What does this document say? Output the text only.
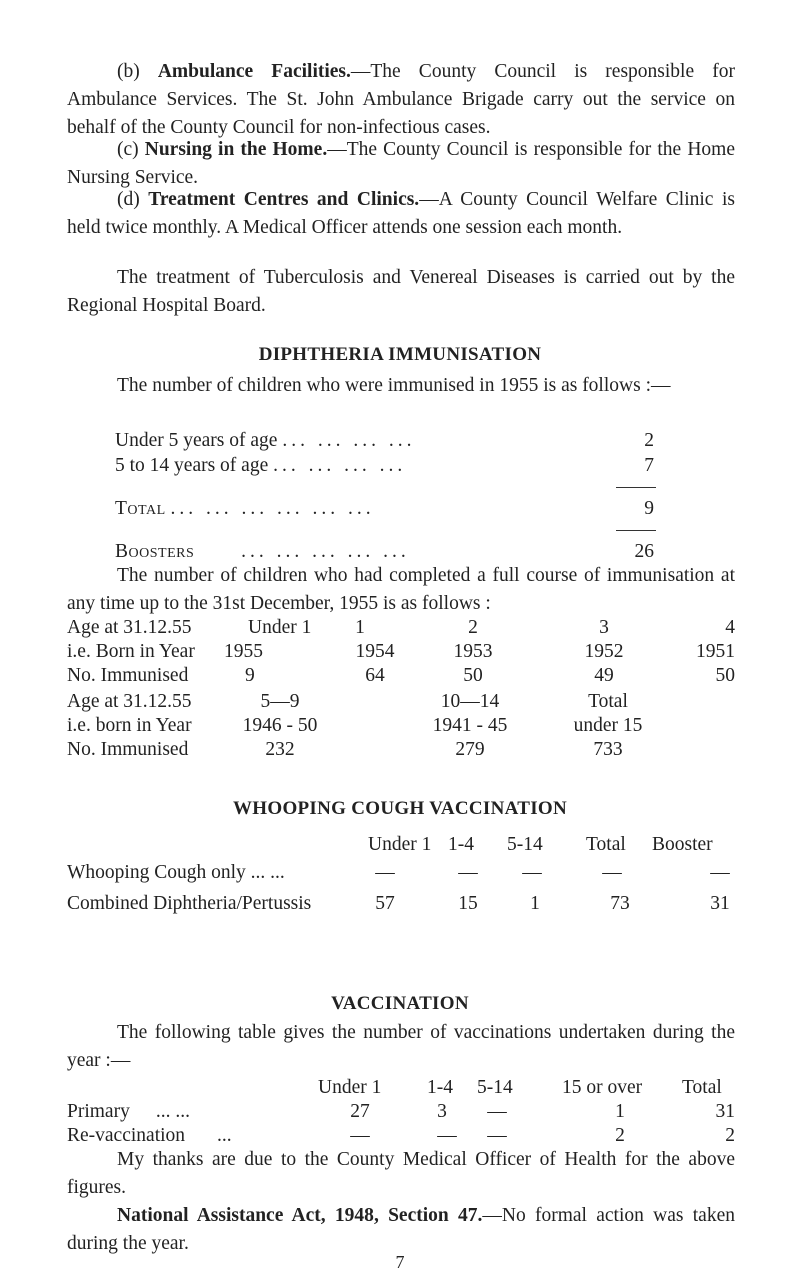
(b) Ambulance Facilities.—The County Council is responsible for Ambulance Services. The St. John Ambulance Brigade carry out the service on behalf of the County Council for non-infectious cases.
(c) Nursing in the Home.—The County Council is responsible for the Home Nursing Service.
(d) Treatment Centres and Clinics.—A County Council Welfare Clinic is held twice monthly. A Medical Officer attends one session each month.
The treatment of Tuberculosis and Venereal Diseases is carried out by the Regional Hospital Board.
DIPHTHERIA IMMUNISATION
The number of children who were immunised in 1955 is as follows :—
Under 5 years of age ... ... ... ...	2
5 to 14 years of age ... ... ... ...	7
Total ... ... ... ... ... ...	9
Boosters ... ... ... ... ...	26
The number of children who had completed a full course of immunisation at any time up to the 31st December, 1955 is as follows :
Age at 31.12.55	Under 1	1	2	3	4
i.e. Born in Year 1955	1954	1953	1952	1951
No. Immunised	9	64	50	49	50
Age at 31.12.55	5—9	10—14	Total
i.e. born in Year	1946 - 50	1941 - 45	under 15
No. Immunised	232	279	733
WHOOPING COUGH VACCINATION
Under 1 1-4 5-14 Total Booster
Whooping Cough only ... ...	—	—	—	—	—
Combined Diphtheria/Pertussis	57	15	1	73	31
VACCINATION
The following table gives the number of vaccinations undertaken during the year :—
Under 1 1-4 5-14	15 or over Total
Primary ... ...	27	3	—	1	31
Re-vaccination ...	—	—	—	2	2
My thanks are due to the County Medical Officer of Health for the above figures.
National Assistance Act, 1948, Section 47.—No formal action was taken during the year.
7
